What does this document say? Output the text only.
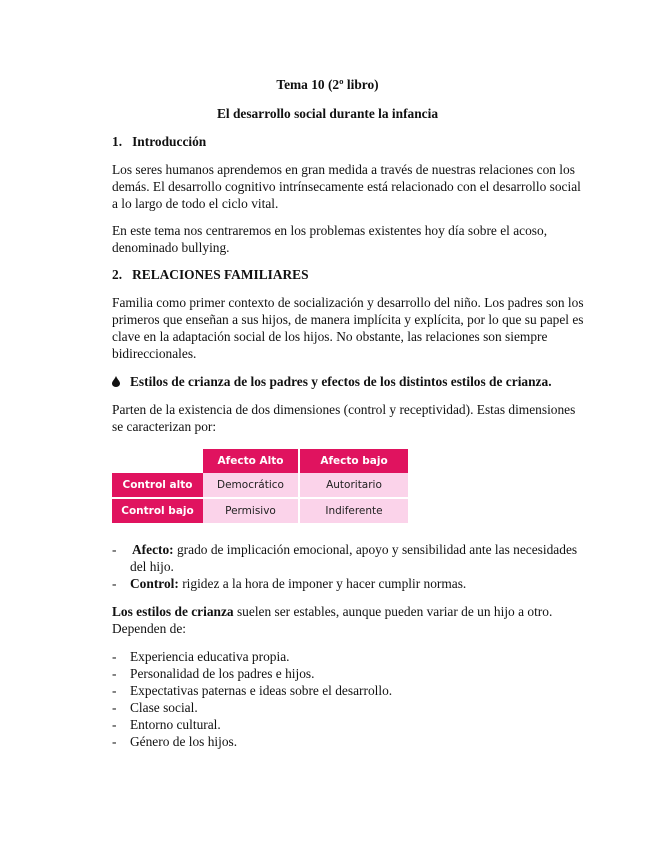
Tema 10 (2º libro)
El desarrollo social durante la infancia
1.   Introducción
Los seres humanos aprendemos en gran medida a través de nuestras relaciones con los
demás. El desarrollo cognitivo intrínsecamente está relacionado con el desarrollo social
a lo largo de todo el ciclo vital.
En este tema nos centraremos en los problemas existentes hoy día sobre el acoso,
denominado bullying.
2.   RELACIONES FAMILIARES
Familia como primer contexto de socialización y desarrollo del niño. Los padres son los
primeros que enseñan a sus hijos, de manera implícita y explícita, por lo que su papel es
clave en la adaptación social de los hijos. No obstante, las relaciones son siempre
bidireccionales.
Estilos de crianza de los padres y efectos de los distintos estilos de crianza.
Parten de la existencia de dos dimensiones (control y receptividad). Estas dimensiones
se caracterizan por:
	Afecto Alto	Afecto bajo
Control alto	Democrático	Autoritario
Control bajo	Permisivo	Indiferente
- Afecto: grado de implicación emocional, apoyo y sensibilidad ante las necesidades
del hijo.
- Control: rigidez a la hora de imponer y hacer cumplir normas.
Los estilos de crianza suelen ser estables, aunque pueden variar de un hijo a otro.
Dependen de:
- Experiencia educativa propia.
- Personalidad de los padres e hijos.
- Expectativas paternas e ideas sobre el desarrollo.
- Clase social.
- Entorno cultural.
- Género de los hijos.
